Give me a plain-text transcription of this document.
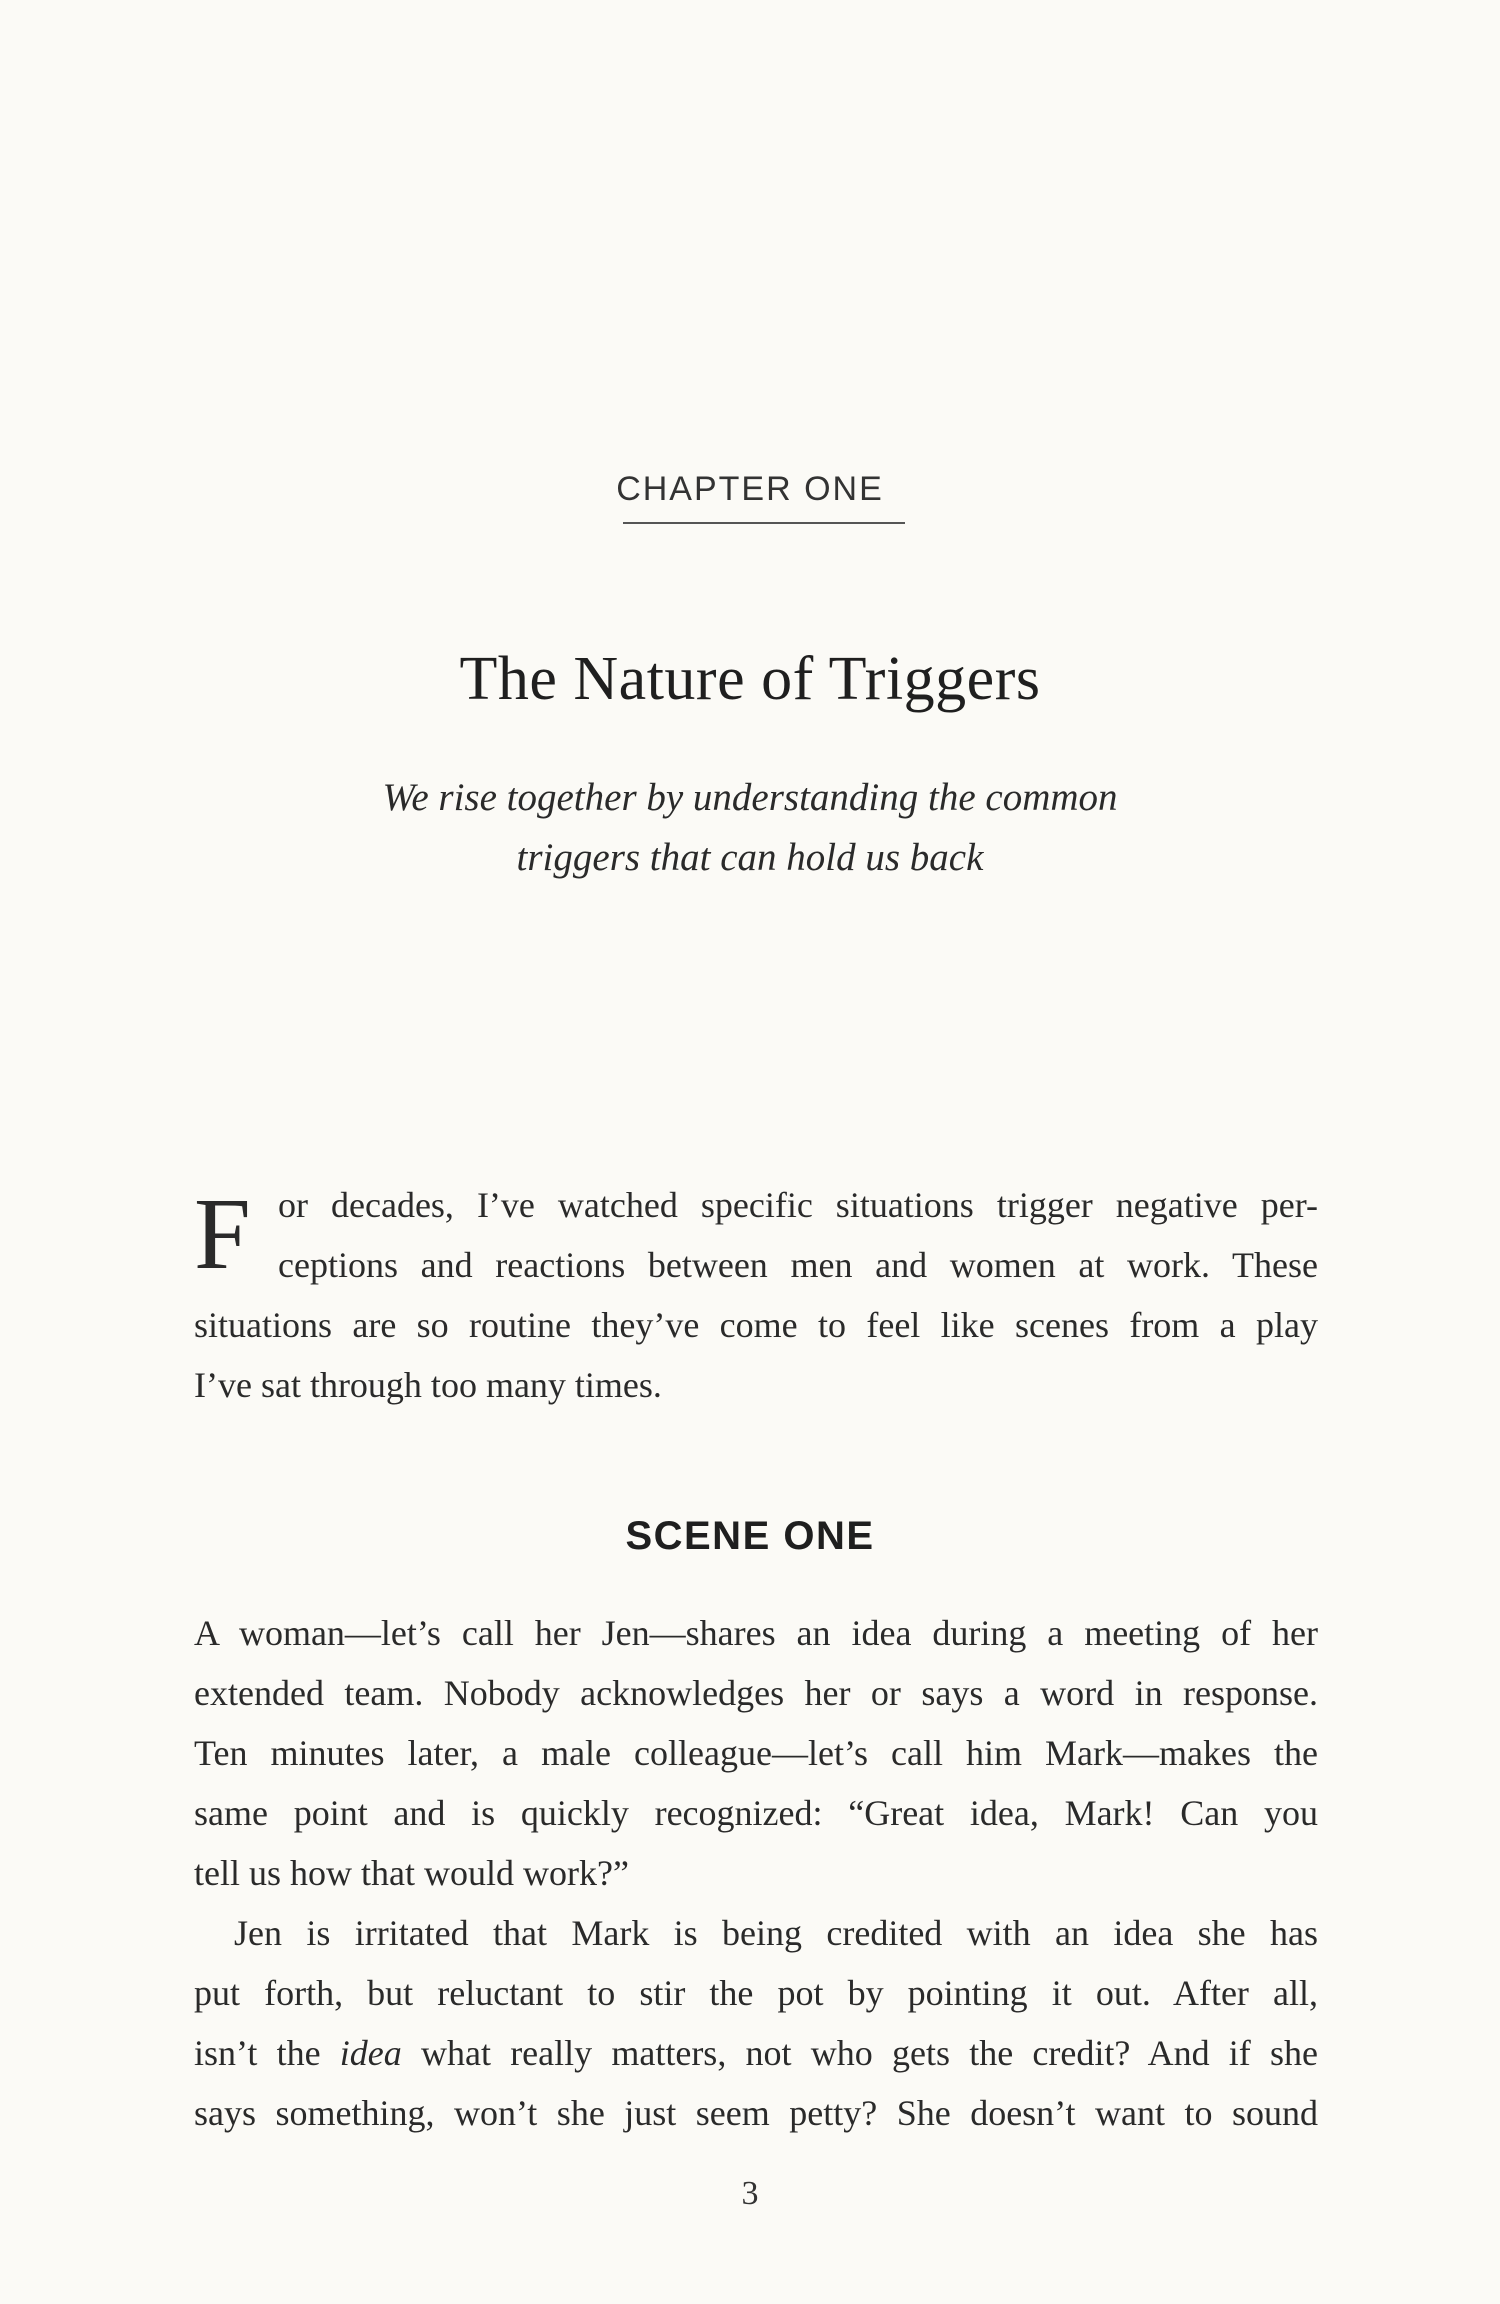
CHAPTER ONE
The Nature of Triggers
We rise together by understanding the common
triggers that can hold us back
F or decades, I’ve watched specific situations trigger negative per-
ceptions and reactions between men and women at work. These
situations are so routine they’ve come to feel like scenes from a play
I’ve sat through too many times.
SCENE ONE
A woman—let’s call her Jen—shares an idea during a meeting of her
extended team. Nobody acknowledges her or says a word in response.
Ten minutes later, a male colleague—let’s call him Mark—makes the
same point and is quickly recognized: “Great idea, Mark! Can you
tell us how that would work?”
Jen is irritated that Mark is being credited with an idea she has
put forth, but reluctant to stir the pot by pointing it out. After all,
isn’t the idea what really matters, not who gets the credit? And if she
says something, won’t she just seem petty? She doesn’t want to sound
3
